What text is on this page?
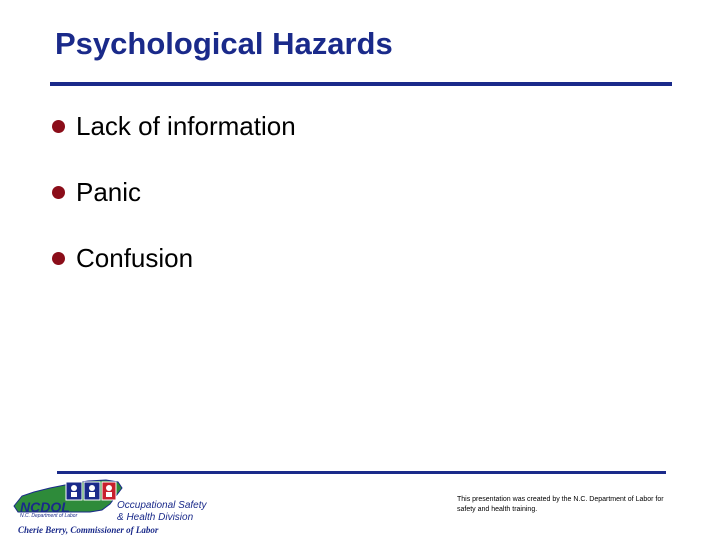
Psychological Hazards
Lack of information
Panic
Confusion
NCDOL
N.C. Department of Labor
Occupational Safety
& Health Division
Cherie Berry, Commissioner of Labor
This presentation was created by the N.C. Department of Labor for safety and health training.
